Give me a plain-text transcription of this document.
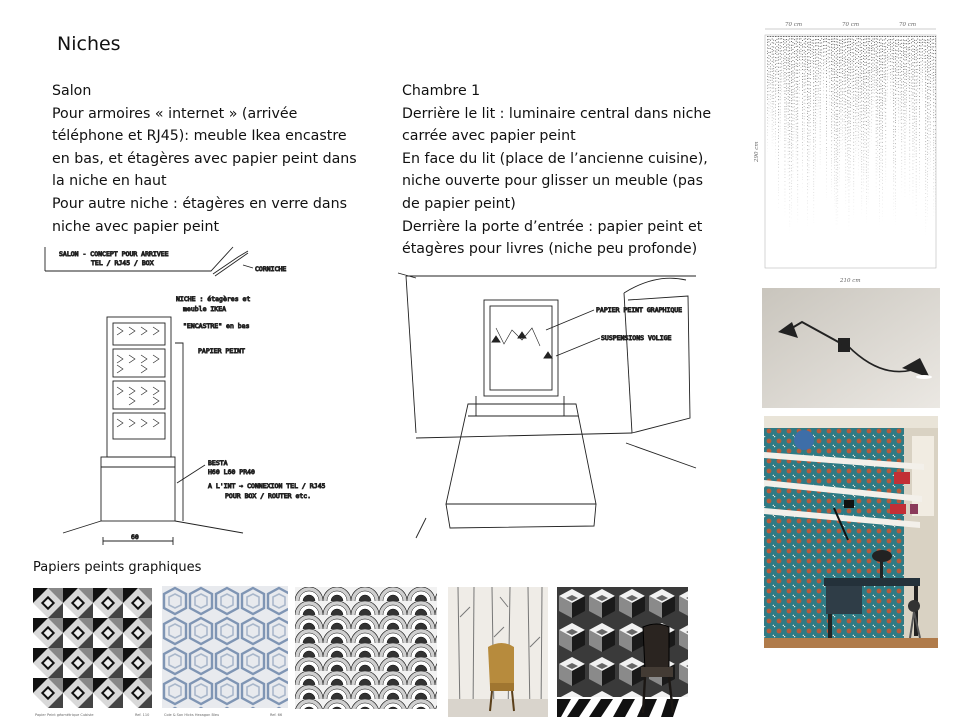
Niches
Salon
Pour armoires « internet » (arrivée
téléphone et RJ45): meuble Ikea encastre
en bas, et étagères avec papier peint dans
la niche en haut
Pour autre niche : étagères en verre dans
niche avec papier peint
Chambre 1
Derrière le lit : luminaire central dans niche
carrée avec papier peint
En face du lit (place de l’ancienne cuisine),
niche ouverte pour glisser un meuble (pas
de papier peint)
Derrière la porte d’entrée : papier peint et
étagères pour livres (niche peu profonde)
SALON - CONCEPT POUR ARRIVEE
TEL / RJ45 / BOX
CORNICHE
NICHE : étagères et
meuble IKEA
"ENCASTRE" en bas
PAPIER PEINT
BESTA
H60 L60 PR40
A L'INT → CONNEXION TEL / RJ45
POUR BOX / ROUTER etc.
60
PAPIER PEINT GRAPHIQUE
SUSPENSIONS VOLIGE
70 cm	70 cm	70 cm
290 cm
210 cm
Papiers peints graphiques
Papier Peint géométrique Cubiste	Ref. 110	Cole & Son Hicks Hexagon Bleu	Ref. 66
